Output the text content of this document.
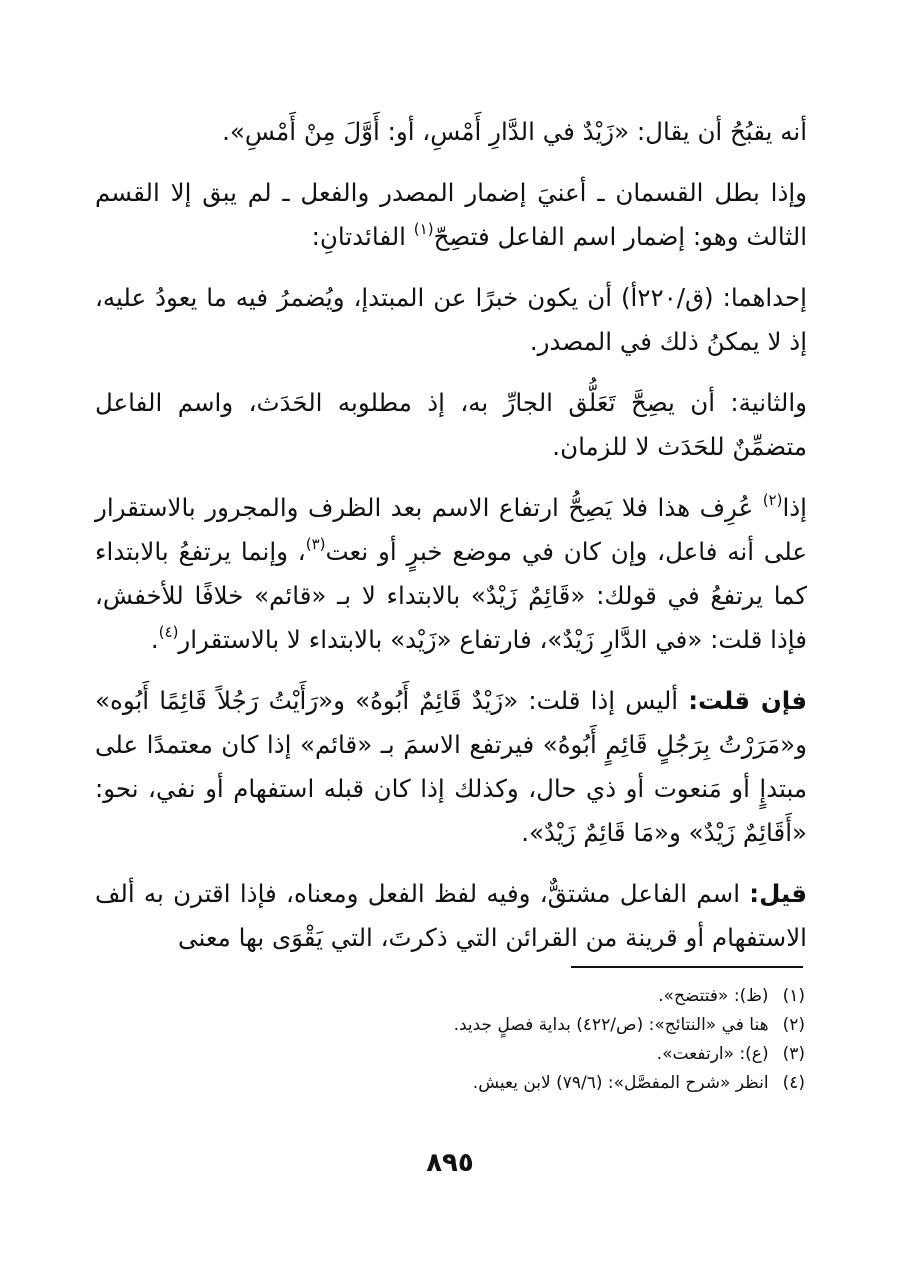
أنه يقبُحُ أن يقال: «زَيْدٌ في الدَّارِ أَمْسِ، أو: أَوَّلَ مِنْ أَمْسِ».

وإذا بطل القسمان ـ أعنيَ إضمار المصدر والفعل ـ لم يبق إلا القسم الثالث وهو: إضمار اسم الفاعل فتصِحّ$^{(١)}$ الفائدتانِ:

إحداهما: (ق/٢٢٠أ) أن يكون خبرًا عن المبتدإ، ويُضمرُ فيه ما يعودُ عليه، إذ لا يمكنُ ذلك في المصدر.

والثانية: أن يصِحَّ تَعَلُّق الجارِّ به، إذ مطلوبه الحَدَث، واسم الفاعل متضمِّنٌ للحَدَث لا للزمان.

إذا$^{(٢)}$ عُرِف هذا فلا يَصِحُّ ارتفاع الاسم بعد الظرف والمجرور بالاستقرار على أنه فاعل، وإن كان في موضع خبرٍ أو نعت$^{(٣)}$، وإنما يرتفعُ بالابتداء كما يرتفعُ في قولك: «قَائِمٌ زَيْدٌ» بالابتداء لا بـ «قائم» خلافًا للأخفش، فإذا قلت: «في الدَّارِ زَيْدٌ»، فارتفاع «زَيْد» بالابتداء لا بالاستقرار$^{(٤)}$.

فإن قلت: أليس إذا قلت: «زَيْدٌ قَائِمٌ أَبُوهُ» و«رَأَيْتُ رَجُلاً قَائِمًا أَبُوه» و«مَرَرْتُ بِرَجُلٍ قَائِمٍ أَبُوهُ» فيرتفع الاسمَ بـ «قائم» إذا كان معتمدًا على مبتدإٍ أو مَنعوت أو ذي حال، وكذلك إذا كان قبله استفهام أو نفي، نحو: «أَقَائِمٌ زَيْدٌ» و«مَا قَائِمٌ زَيْدٌ».

قيل: اسم الفاعل مشتقٌّ، وفيه لفظ الفعل ومعناه، فإذا اقترن به ألف الاستفهام أو قرينة من القرائن التي ذكرتَ، التي يَقْوَى بها معنى

(١)(ظ): «فتتضح».

(٢)هنا في «النتائج»: (ص/٤٢٢) بداية فصلٍ جديد.

(٣)(ع): «ارتفعت».

(٤)انظر «شرح المفصَّل»: (٧٩/٦) لابن يعيش.

٨٩٥
